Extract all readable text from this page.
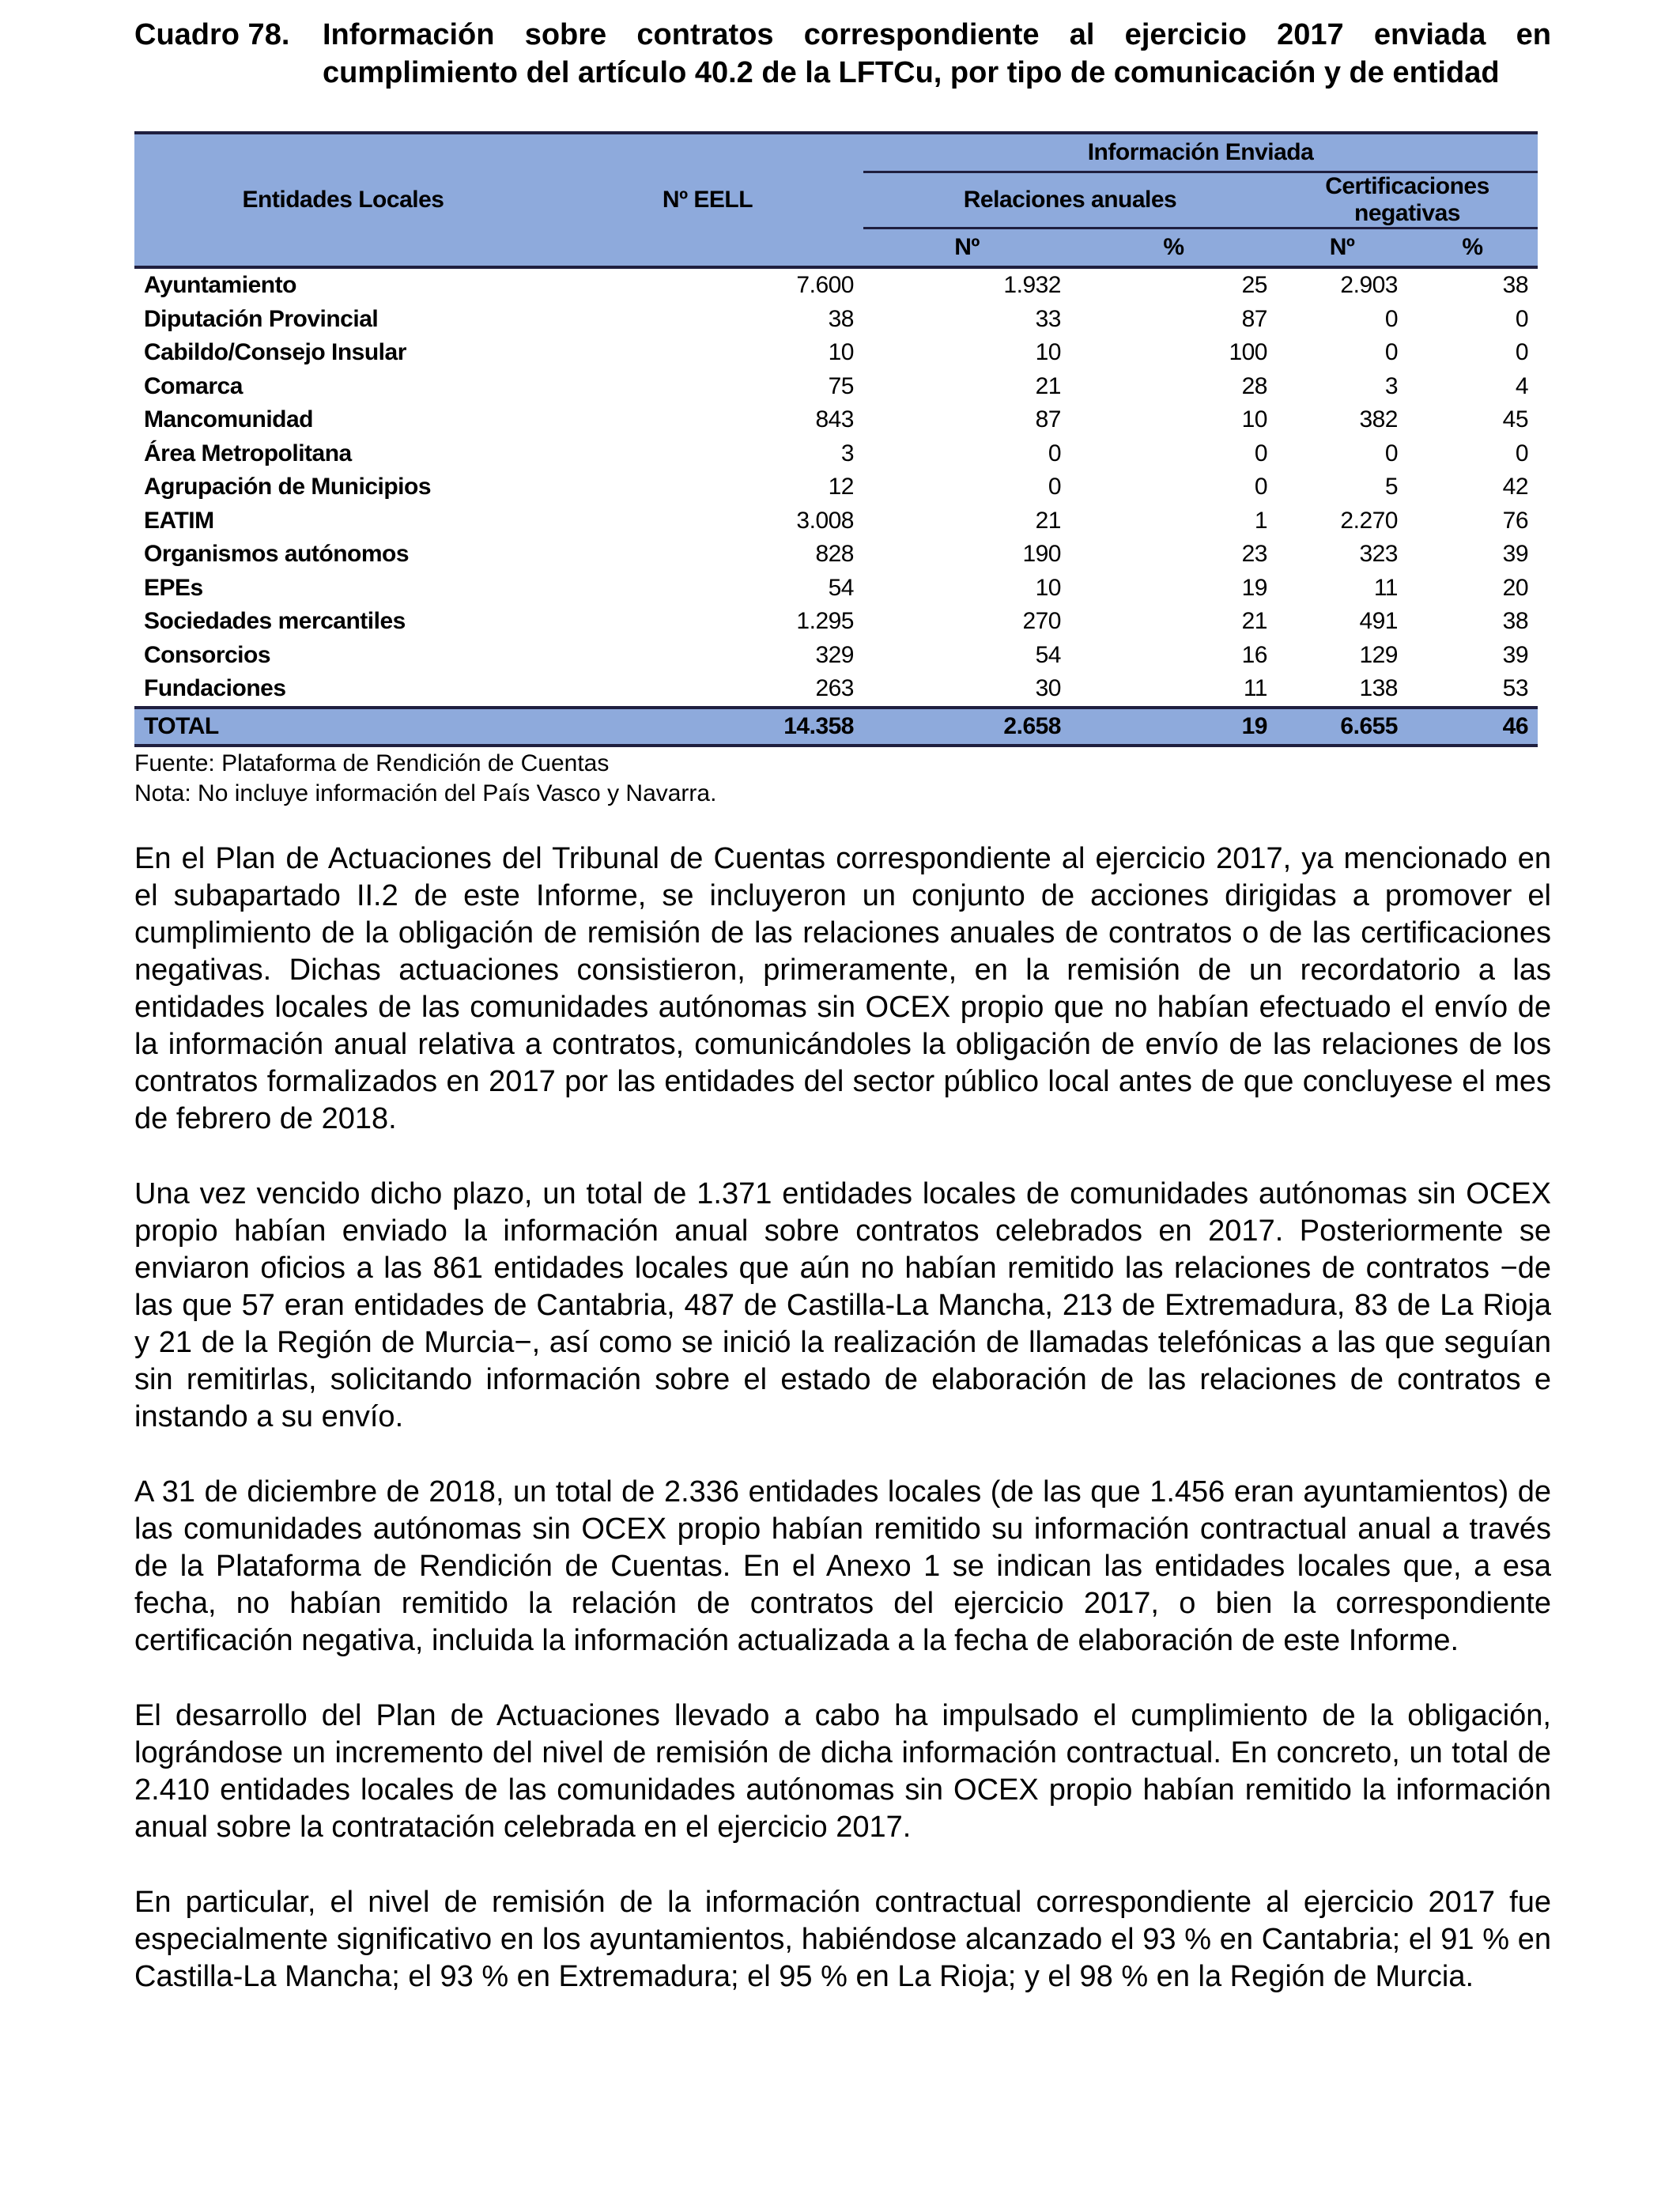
Cuadro 78.	Información sobre contratos correspondiente al ejercicio 2017 enviada en cumplimiento del artículo 40.2 de la LFTCu, por tipo de comunicación y de entidad
Entidades Locales	Nº EELL	Información Enviada			
		Relaciones anuales		Certificaciones negativas	
		Nº	%	Nº	%
Ayuntamiento	7.600	1.932	25	2.903	38
Diputación Provincial	38	33	87	0	0
Cabildo/Consejo Insular	10	10	100	0	0
Comarca	75	21	28	3	4
Mancomunidad	843	87	10	382	45
Área Metropolitana	3	0	0	0	0
Agrupación de Municipios	12	0	0	5	42
EATIM	3.008	21	1	2.270	76
Organismos autónomos	828	190	23	323	39
EPEs	54	10	19	11	20
Sociedades mercantiles	1.295	270	21	491	38
Consorcios	329	54	16	129	39
Fundaciones	263	30	11	138	53
TOTAL	14.358	2.658	19	6.655	46
Fuente: Plataforma de Rendición de Cuentas
Nota: No incluye información del País Vasco y Navarra.

En el Plan de Actuaciones del Tribunal de Cuentas correspondiente al ejercicio 2017, ya mencionado en el subapartado II.2 de este Informe, se incluyeron un conjunto de acciones dirigidas a promover el cumplimiento de la obligación de remisión de las relaciones anuales de contratos o de las certificaciones negativas. Dichas actuaciones consistieron, primeramente, en la remisión de un recordatorio a las entidades locales de las comunidades autónomas sin OCEX propio que no habían efectuado el envío de la información anual relativa a contratos, comunicándoles la obligación de envío de las relaciones de los contratos formalizados en 2017 por las entidades del sector público local antes de que concluyese el mes de febrero de 2018.

Una vez vencido dicho plazo, un total de 1.371 entidades locales de comunidades autónomas sin OCEX propio habían enviado la información anual sobre contratos celebrados en 2017. Posteriormente se enviaron oficios a las 861 entidades locales que aún no habían remitido las relaciones de contratos −de las que 57 eran entidades de Cantabria, 487 de Castilla-La Mancha, 213 de Extremadura, 83 de La Rioja y 21 de la Región de Murcia−, así como se inició la realización de llamadas telefónicas a las que seguían sin remitirlas, solicitando información sobre el estado de elaboración de las relaciones de contratos e instando a su envío.

A 31 de diciembre de 2018, un total de 2.336 entidades locales (de las que 1.456 eran ayuntamientos) de las comunidades autónomas sin OCEX propio habían remitido su información contractual anual a través de la Plataforma de Rendición de Cuentas. En el Anexo 1 se indican las entidades locales que, a esa fecha, no habían remitido la relación de contratos del ejercicio 2017, o bien la correspondiente certificación negativa, incluida la información actualizada a la fecha de elaboración de este Informe.

El desarrollo del Plan de Actuaciones llevado a cabo ha impulsado el cumplimiento de la obligación, lográndose un incremento del nivel de remisión de dicha información contractual. En concreto, un total de 2.410 entidades locales de las comunidades autónomas sin OCEX propio habían remitido la información anual sobre la contratación celebrada en el ejercicio 2017.

En particular, el nivel de remisión de la información contractual correspondiente al ejercicio 2017 fue especialmente significativo en los ayuntamientos, habiéndose alcanzado el 93 % en Cantabria; el 91 % en Castilla-La Mancha; el 93 % en Extremadura; el 95 % en La Rioja; y el 98 % en la Región de Murcia.
